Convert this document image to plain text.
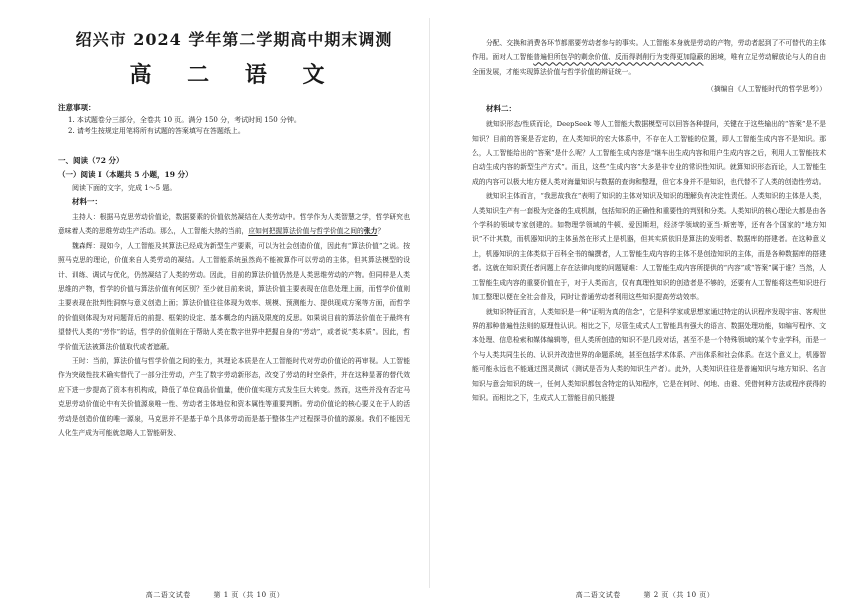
绍兴市 2024 学年第二学期高中期末调测

高 二 语 文

注意事项：

1. 本试题卷分三部分，全卷共 10 页。满分 150 分，考试时间 150 分钟。

2. 请考生按规定用笔将所有试题的答案填写在答题纸上。

一、阅读（72 分）

（一）阅读 I（本题共 5 小题，19 分）

阅读下面的文字，完成 1～5 题。

材料一：

主持人：根据马克思劳动价值论，数据要素的价值依然凝结在人类劳动中。哲学作为人类智慧之学，哲学研究也意味着人类的思维劳动生产活动。那么，人工智能大热的当前，应如何把握算法价值与哲学价值之间的张力？

魏森辉：现如今，人工智能及其算法已经成为新型生产要素，可以为社会创造价值，因此有“算法价值”之说。按照马克思的理论，价值来自人类劳动的凝结。人工智能系统虽然尚不能被算作可以劳动的主体，但其算法模型的设计、训练、调试与优化，仍然凝结了人类的劳动。因此，目前的算法价值仍然是人类思维劳动的产物。但同样是人类思维的产物，哲学的价值与算法价值有何区别？至少就目前来说，算法价值主要表现在信息处理上面，而哲学价值则主要表现在批判性洞察与意义创造上面；算法价值往往体现为效率、规模、预测能力、提供现成方案等方面，而哲学的价值则体现为对问题背后的前提、框架的设定、基本概念的内涵及限度的反思。如果说目前的算法价值在于最终有望替代人类的“劳作”的话，哲学的价值则在于帮助人类在数字世界中把握自身的“劳动”，或者说“类本质”。因此，哲学价值无法被算法价值取代或者遮蔽。

王时：当前，算法价值与哲学价值之间的张力，其理论本质是在人工智能时代对劳动价值论的再审视。人工智能作为突破性技术确实替代了一部分注劳动，产生了数字劳动新形态，改变了劳动的时空条件，并在这种显著的替代效应下进一步提高了资本有机构成，降低了单位商品价值量，使价值实现方式发生巨大转变。然而，这些并没有否定马克思劳动价值论中有关价值源泉唯一性、劳动者主体地位和资本属性等重要判断。劳动价值论的核心要义在于人的活劳动是创造价值的唯一源泉，马克思并不是基于单个具体劳动而是基于整体生产过程探寻价值的源泉。我们不能因无人化生产成为可能就忽略人工智能研发、

高二语文试卷	第 1 页（共 10 页）

分配、交换和消费各环节都需要劳动者参与的事实。人工智能本身就是劳动的产物，劳动者起到了不可替代的主体作用。面对人工智能普遍但所包孕的剩余价值、反而得剥削行为变得更加隐蔽的困境，唯有立足劳动解放论与人的自由全面发展，才能实现算法价值与哲学价值的辩证统一。

（摘编自《人工智能时代的哲学思考》）

材料二：

就知识形态/性质而论，DeepSeek 等人工智能大数据模型可以回答各种提问，关键在于这些输出的“答案”是不是知识？目前的答案是否定的，在人类知识的宏大体系中，不存在人工智能的位置，即人工智能生成内容不是知识。那么，人工智能给出的“答案”是什么呢？人工智能生成内容是“继车出生成内容和用户生成内容之后，利用人工智能技术自动生成内容的新型生产方式”。而且，这些“生成内容”大多是非专业的常识性知识。就算知识形态而论，人工智能生成的内容可以极大地方便人类对海量知识与数据的查询和整理，但它本身并不是知识，也代替不了人类的创造性劳动。

就知识主体而言，“我思故我在”表明了知识的主体对知识及知识的理解负有决定性责任。人类知识的主体是人类，人类知识生产有一套极为完备的生成机制，包括知识的正确性和重要性的判别和分类。人类知识的核心理论大都是由各个学科的领域专家创建的。如物理学领域的牛顿、爱因斯坦，经济学领域的亚当·斯密等，还有各个国家的“地方知识”不计其数，而机器知识的主体虽然在形式上是机器，但其实质依旧是算法的发明者、数据库的搭建者。在这种意义上，机器知识的主体类似于百科全书的编撰者，人工智能生成内容的主体不是创造知识的主体，而是各种数据库的搭建者。这就在知识责任者问题上存在法律向度的问题疑难：人工智能生成内容所提供的“内容”或“答案”属于谁？当然，人工智能生成内容的重要价值在于，对于人类而言，仅有真理性知识的创造者是不够的，还要有人工智能将这些知识进行加工整理以便在全社会普及，同时让普通劳动者利用这些知识提高劳动效率。

就知识特征而言，人类知识是一种“证明为真的信念”，它是科学家或思想家通过特定的认识程序发现宇宙、客观世界的那种普遍性法则的原理性认识。相比之下，尽管生成式人工智能具有强大的语言、数据处理功能，如编写程序、文本处理、信息检索和媒体编辑等，但人类所创造的知识不是几段对话，甚至不是一个特殊领域的某个专业学科，而是一个与人类共同生长的、认识并改造世界的命题系统，甚至包括学术体系、产出体系和社会体系。在这个意义上，机器智能可能永远也不能通过图灵测试（测试是否为人类的知识生产者）。此外，人类知识往往是普遍知识与地方知识、名言知识与意会知识的统一，任何人类知识都包含特定的认知程序，它是在何时、何地、由谁、凭借何种方法或程序获得的知识。而相比之下，生成式人工智能目前只能提

高二语文试卷	第 2 页（共 10 页）
